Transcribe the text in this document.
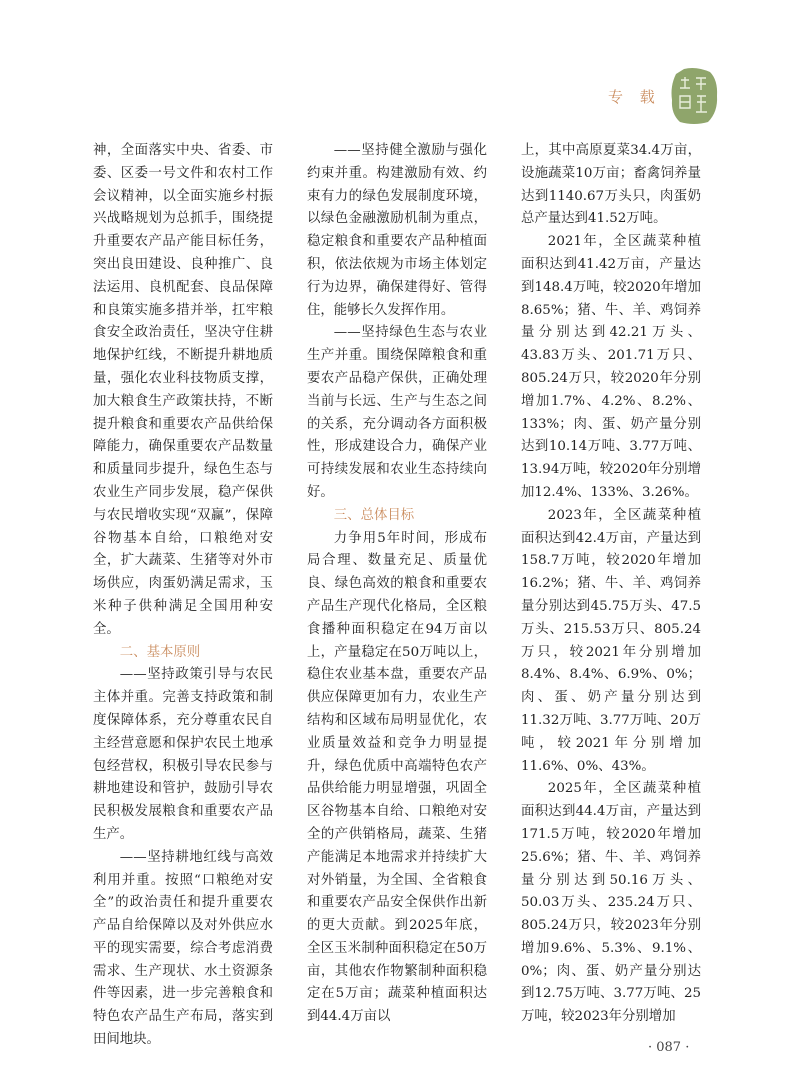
专 载

神，全面落实中央、省委、市委、区委一号文件和农村工作会议精神，以全面实施乡村振兴战略规划为总抓手，围绕提升重要农产品产能目标任务，突出良田建设、良种推广、良法运用、良机配套、良品保障和良策实施多措并举，扛牢粮食安全政治责任，坚决守住耕地保护红线，不断提升耕地质量，强化农业科技物质支撑，加大粮食生产政策扶持，不断提升粮食和重要农产品供给保障能力，确保重要农产品数量和质量同步提升，绿色生态与农业生产同步发展，稳产保供与农民增收实现“双赢”，保障谷物基本自给，口粮绝对安全，扩大蔬菜、生猪等对外市场供应，肉蛋奶满足需求，玉米种子供种满足全国用种安全。

二、基本原则

——坚持政策引导与农民主体并重。完善支持政策和制度保障体系，充分尊重农民自主经营意愿和保护农民土地承包经营权，积极引导农民参与耕地建设和管护，鼓励引导农民积极发展粮食和重要农产品生产。

——坚持耕地红线与高效利用并重。按照“口粮绝对安全”的政治责任和提升重要农产品自给保障以及对外供应水平的现实需要，综合考虑消费需求、生产现状、水土资源条件等因素，进一步完善粮食和特色农产品生产布局，落实到田间地块。

——坚持健全激励与强化约束并重。构建激励有效、约束有力的绿色发展制度环境，以绿色金融激励机制为重点，稳定粮食和重要农产品种植面积，依法依规为市场主体划定行为边界，确保建得好、管得住，能够长久发挥作用。

——坚持绿色生态与农业生产并重。围绕保障粮食和重要农产品稳产保供，正确处理当前与长远、生产与生态之间的关系，充分调动各方面积极性，形成建设合力，确保产业可持续发展和农业生态持续向好。

三、总体目标

力争用5年时间，形成布局合理、数量充足、质量优良、绿色高效的粮食和重要农产品生产现代化格局，全区粮食播种面积稳定在94万亩以上，产量稳定在50万吨以上，稳住农业基本盘，重要农产品供应保障更加有力，农业生产结构和区域布局明显优化，农业质量效益和竞争力明显提升，绿色优质中高端特色农产品供给能力明显增强，巩固全区谷物基本自给、口粮绝对安全的产供销格局，蔬菜、生猪产能满足本地需求并持续扩大对外销量，为全国、全省粮食和重要农产品安全保供作出新的更大贡献。到2025年底，全区玉米制种面积稳定在50万亩，其他农作物繁制种面积稳定在5万亩；蔬菜种植面积达到44.4万亩以

上，其中高原夏菜34.4万亩，设施蔬菜10万亩；畜禽饲养量达到1140.67万头只，肉蛋奶总产量达到41.52万吨。

2021年，全区蔬菜种植面积达到41.42万亩，产量达到148.4万吨，较2020年增加8.65%；猪、牛、羊、鸡饲养量分别达到42.21万头、43.83万头、201.71万只、805.24万只，较2020年分别增加1.7%、4.2%、8.2%、133%；肉、蛋、奶产量分别达到10.14万吨、3.77万吨、13.94万吨，较2020年分别增加12.4%、133%、3.26%。

2023年，全区蔬菜种植面积达到42.4万亩，产量达到158.7万吨，较2020年增加16.2%；猪、牛、羊、鸡饲养量分别达到45.75万头、47.5万头、215.53万只、805.24万只，较2021年分别增加8.4%、8.4%、6.9%、0%；肉、蛋、奶产量分别达到11.32万吨、3.77万吨、20万吨，较2021年分别增加11.6%、0%、43%。

2025年，全区蔬菜种植面积达到44.4万亩，产量达到171.5万吨，较2020年增加25.6%；猪、牛、羊、鸡饲养量分别达到50.16万头、50.03万头、235.24万只、805.24万只，较2023年分别增加9.6%、5.3%、9.1%、0%；肉、蛋、奶产量分别达到12.75万吨、3.77万吨、25万吨，较2023年分别增加

· 087 ·
